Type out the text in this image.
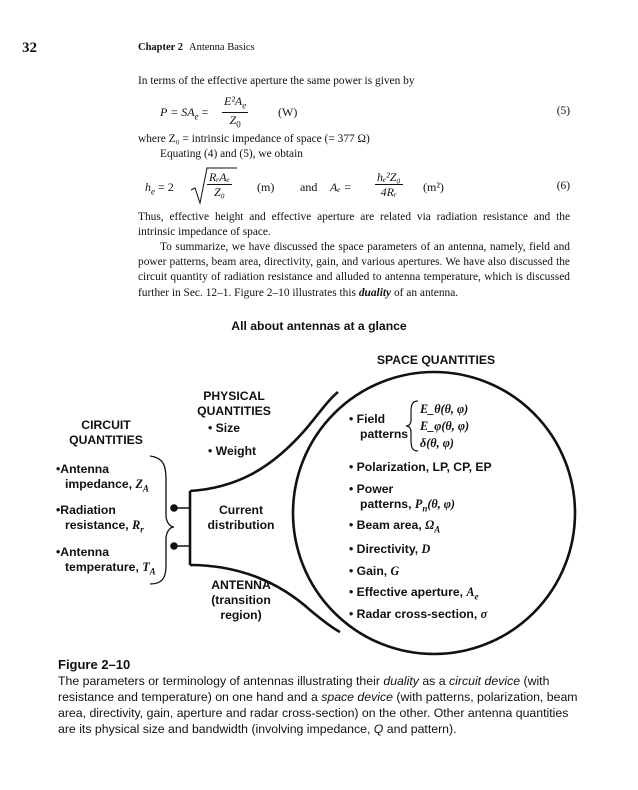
32	Chapter 2 Antenna Basics
In terms of the effective aperture the same power is given by
$P = SA_e = \frac{E^2A_e}{Z_0} (W)$	(5)
where Z₀ = intrinsic impedance of space (= 377 Ω)
Equating (4) and (5), we obtain
$h_e = 2$
RᵣAₑ
Z₀	(m) and $A_e = \frac{\text{hₑ²Z₀}}{\text{4Rᵣ}} (m^2)$	(6)
Thus, effective height and effective aperture are related via radiation resistance and the intrinsic impedance of space.
To summarize, we have discussed the space parameters of an antenna, namely, field and power patterns, beam area, directivity, gain, and various apertures. We have also discussed the circuit quantity of radiation resistance and alluded to antenna temperature, which is discussed further in Sec. 12–1. Figure 2–10 illustrates this duality of an antenna.
All about antennas at a glance
SPACE QUANTITIES
PHYSICAL
QUANTITIES
• Size
• Weight
CIRCUIT
QUANTITIES
•Antenna
impedance, $Z_A$
•Radiation
resistance, $R_r$
•Antenna
temperature, $T_A$
Current
distribution
ANTENNA
(transition
region)
• Field
patterns
E_θ(θ, φ)
E_φ(θ, φ)
δ(θ, φ)
• Polarization, LP, CP, EP
• Power
patterns, $P_n(\theta$, φ)
• Beam area, $\Omega_A$
• Directivity, D
• Gain, G
• Effective aperture, $A_e$
• Radar cross-section, σ
Figure 2–10
The parameters or terminology of antennas illustrating their duality as a circuit device (with resistance and temperature) on one hand and a space device (with patterns, polarization, beam area, directivity, gain, aperture and radar cross-section) on the other. Other antenna quantities are its physical size and bandwidth (involving impedance, Q and pattern).
